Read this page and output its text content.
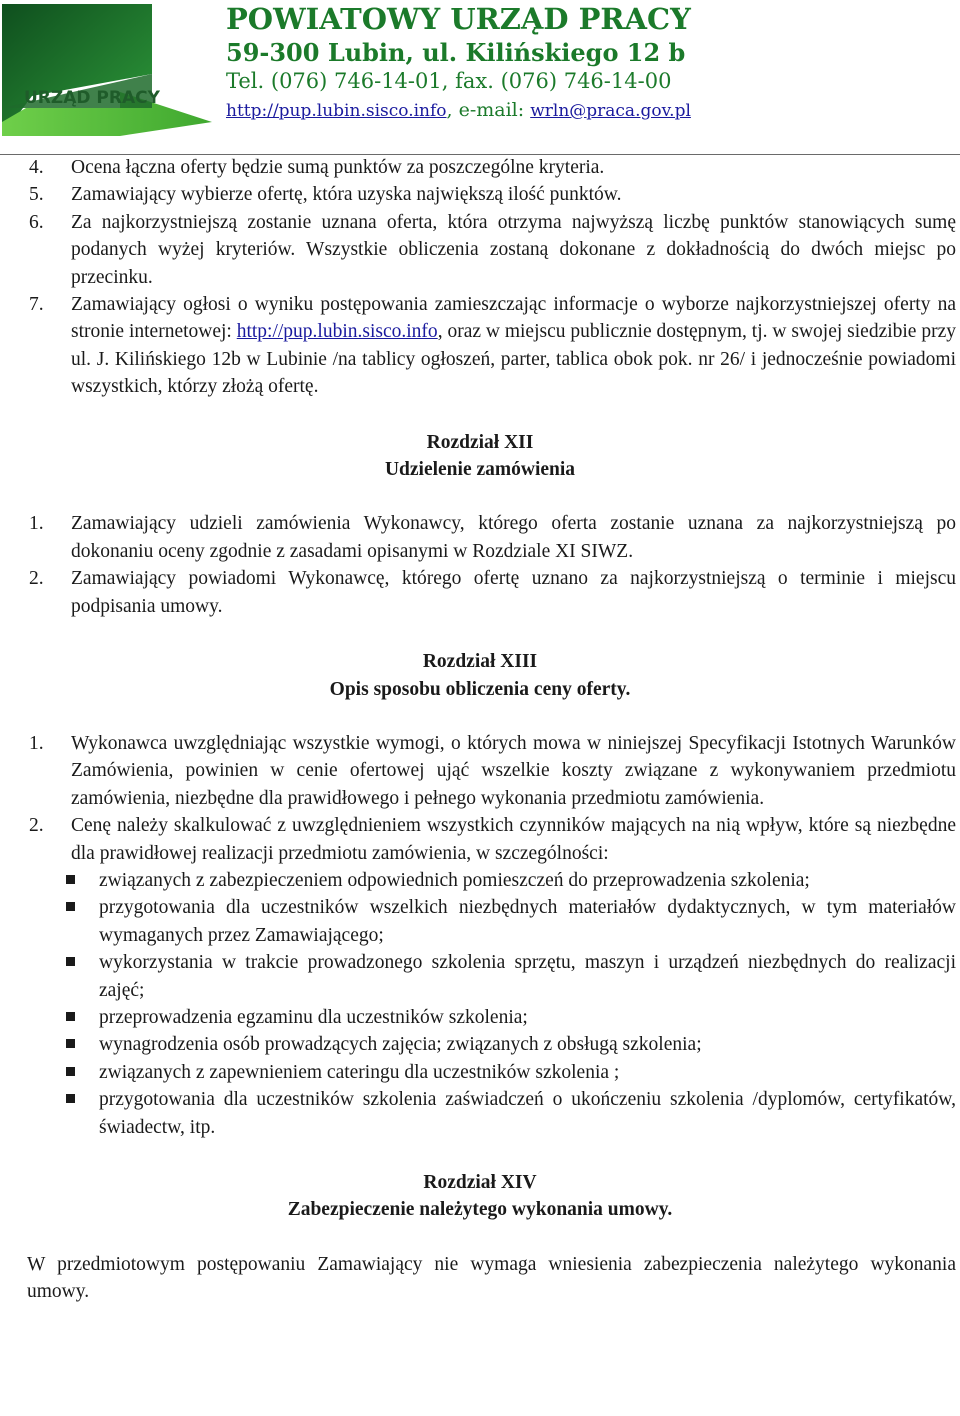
URZĄD PRACY
POWIATOWY URZĄD PRACY
59-300 Lubin, ul. Kilińskiego 12 b
Tel. (076) 746-14-01, fax. (076) 746-14-00
http://pup.lubin.sisco.info, e-mail: wrln@praca.gov.pl
4. Ocena łączna oferty będzie sumą punktów za poszczególne kryteria.
5. Zamawiający wybierze ofertę, która uzyska największą ilość punktów.
6. Za najkorzystniejszą zostanie uznana oferta, która otrzyma najwyższą liczbę punktów stanowiących sumę podanych wyżej kryteriów. Wszystkie obliczenia zostaną dokonane z dokładnością do dwóch miejsc po przecinku.
7. Zamawiający ogłosi o wyniku postępowania zamieszczając informacje o wyborze najkorzystniejszej oferty na stronie internetowej: http://pup.lubin.sisco.info, oraz w miejscu publicznie dostępnym, tj. w swojej siedzibie przy ul. J. Kilińskiego 12b w Lubinie /na tablicy ogłoszeń, parter, tablica obok pok. nr 26/ i jednocześnie powiadomi wszystkich, którzy złożą ofertę.
Rozdział XII
Udzielenie zamówienia
1. Zamawiający udzieli zamówienia Wykonawcy, którego oferta zostanie uznana za najkorzystniejszą po dokonaniu oceny zgodnie z zasadami opisanymi w Rozdziale XI SIWZ.
2. Zamawiający powiadomi Wykonawcę, którego ofertę uznano za najkorzystniejszą o terminie i miejscu podpisania umowy.
Rozdział XIII
Opis sposobu obliczenia ceny oferty.
1. Wykonawca uwzględniając wszystkie wymogi, o których mowa w niniejszej Specyfikacji Istotnych Warunków Zamówienia, powinien w cenie ofertowej ująć wszelkie koszty związane z wykonywaniem przedmiotu zamówienia, niezbędne dla prawidłowego i pełnego wykonania przedmiotu zamówienia.
2. Cenę należy skalkulować z uwzględnieniem wszystkich czynników mających na nią wpływ, które są niezbędne dla prawidłowej realizacji przedmiotu zamówienia, w szczególności:
związanych z zabezpieczeniem odpowiednich pomieszczeń do przeprowadzenia szkolenia;
przygotowania dla uczestników wszelkich niezbędnych materiałów dydaktycznych, w tym materiałów wymaganych przez Zamawiającego;
wykorzystania w trakcie prowadzonego szkolenia sprzętu, maszyn i urządzeń niezbędnych do realizacji zajęć;
przeprowadzenia egzaminu dla uczestników szkolenia;
wynagrodzenia osób prowadzących zajęcia; związanych z obsługą szkolenia;
związanych z zapewnieniem cateringu dla uczestników szkolenia ;
przygotowania dla uczestników szkolenia zaświadczeń o ukończeniu szkolenia /dyplomów, certyfikatów, świadectw, itp.
Rozdział XIV
Zabezpieczenie należytego wykonania umowy.
W przedmiotowym postępowaniu Zamawiający nie wymaga wniesienia zabezpieczenia należytego wykonania umowy.
